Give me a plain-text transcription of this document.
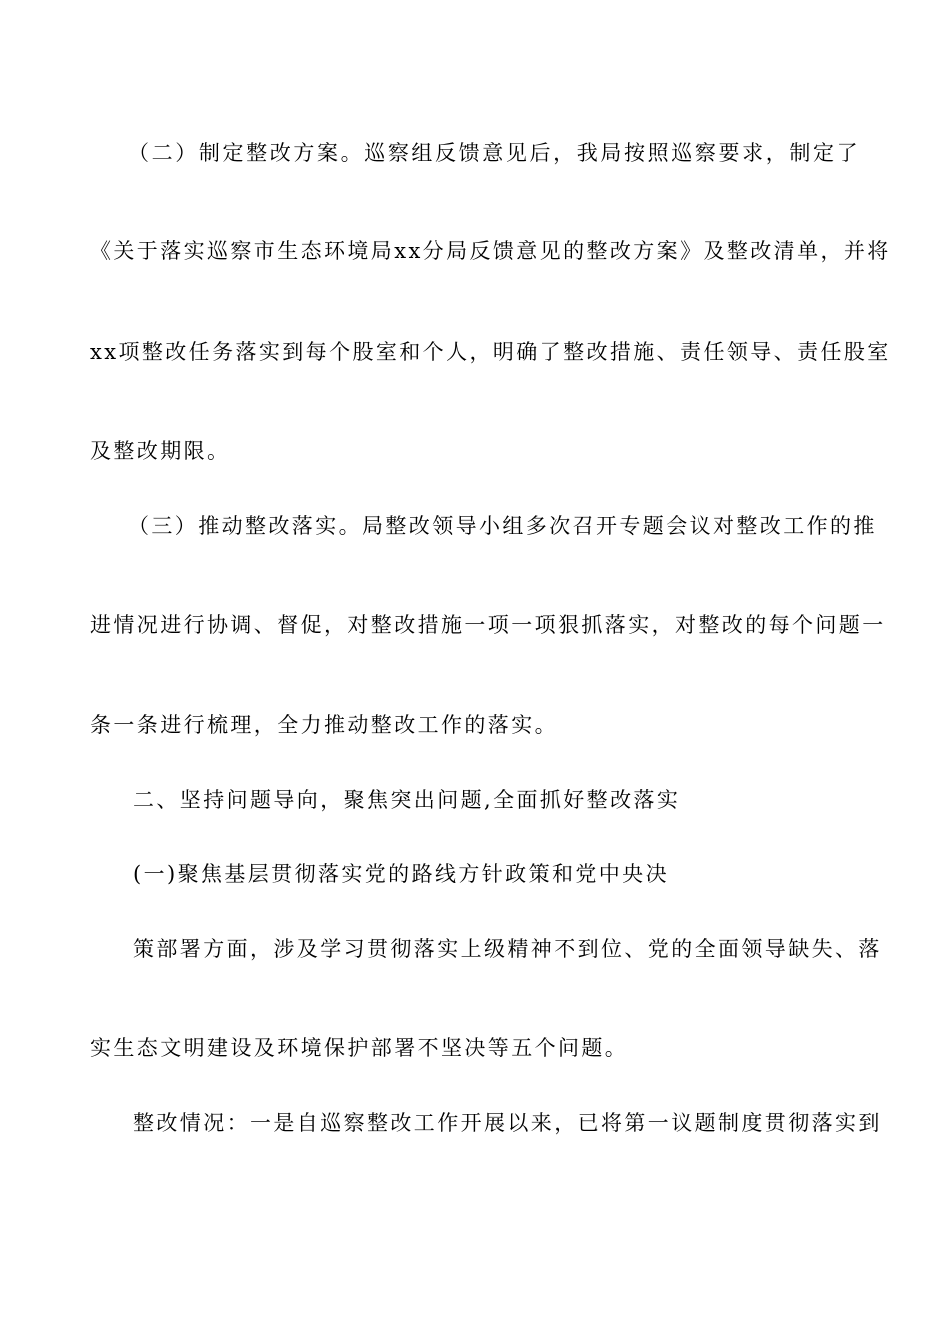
（二）制定整改方案。巡察组反馈意见后，我局按照巡察要求，制定了
《关于落实巡察市生态环境局xx分局反馈意见的整改方案》及整改清单，并将
xx项整改任务落实到每个股室和个人，明确了整改措施、责任领导、责任股室
及整改期限。
（三）推动整改落实。局整改领导小组多次召开专题会议对整改工作的推
进情况进行协调、督促，对整改措施一项一项狠抓落实，对整改的每个问题一
条一条进行梳理，全力推动整改工作的落实。
二、坚持问题导向，聚焦突出问题,全面抓好整改落实
(一)聚焦基层贯彻落实党的路线方针政策和党中央决
策部署方面，涉及学习贯彻落实上级精神不到位、党的全面领导缺失、落
实生态文明建设及环境保护部署不坚决等五个问题。
整改情况：一是自巡察整改工作开展以来，已将第一议题制度贯彻落实到
